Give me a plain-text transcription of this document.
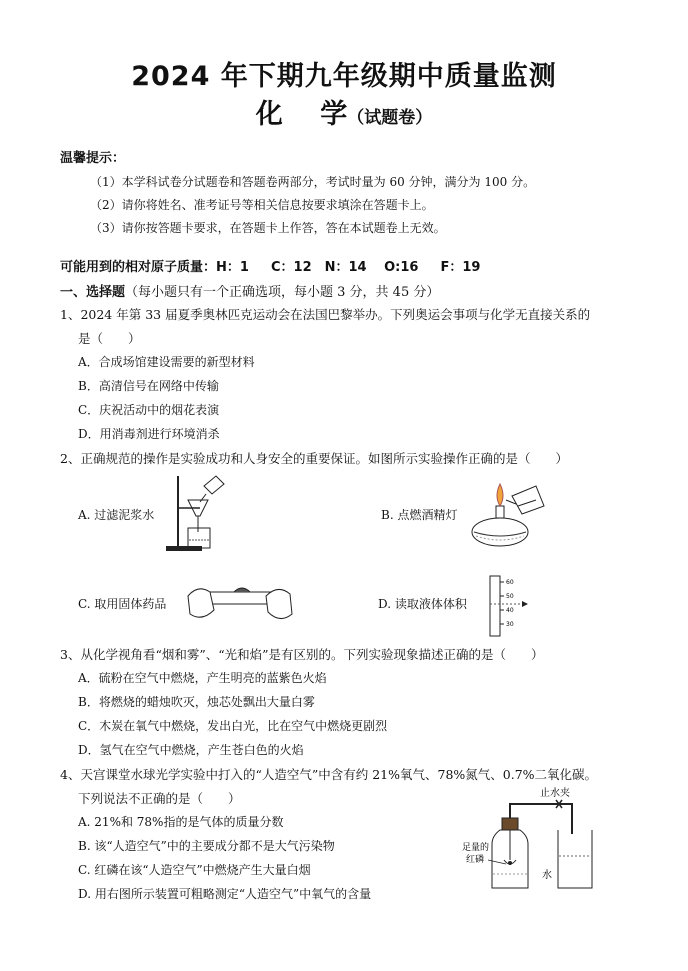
2024 年下期九年级期中质量监测
化    学（试题卷）
温馨提示：
（1）本学科试卷分试题卷和答题卷两部分，考试时量为 60 分钟，满分为 100 分。
（2）请你将姓名、准考证号等相关信息按要求填涂在答题卡上。
（3）请你按答题卡要求，在答题卡上作答，答在本试题卷上无效。
可能用到的相对原子质量：H：1　  C：12　N：14　 O:16　  F：19
一、选择题（每小题只有一个正确选项，每小题 3 分，共 45 分）
1、2024 年第 33 届夏季奥林匹克运动会在法国巴黎举办。下列奥运会事项与化学无直接关系的
是（　　）
A．合成场馆建设需要的新型材料
B．高清信号在网络中传输
C．庆祝活动中的烟花表演
D．用消毒剂进行环境消杀
2、正确规范的操作是实验成功和人身安全的重要保证。如图所示实验操作正确的是（　　）
A. 过滤泥浆水	B. 点燃酒精灯
C. 取用固体药品	D. 读取液体体积
60
50
40
30
3、从化学视角看“烟和雾”、“光和焰”是有区别的。下列实验现象描述正确的是（　　）
A．硫粉在空气中燃烧，产生明亮的蓝紫色火焰
B．将燃烧的蜡烛吹灭，烛芯处飘出大量白雾
C．木炭在氧气中燃烧，发出白光，比在空气中燃烧更剧烈
D．氢气在空气中燃烧，产生苍白色的火焰
4、天宫课堂水球光学实验中打入的“人造空气”中含有约 21%氧气、78%氮气、0.7%二氧化碳。
下列说法不正确的是（　　）
A. 21%和 78%指的是气体的质量分数
B. 该“人造空气”中的主要成分都不是大气污染物
C. 红磷在该“人造空气”中燃烧产生大量白烟
D. 用右图所示装置可粗略测定“人造空气”中氧气的含量
止水夹
足量的
红磷
水
